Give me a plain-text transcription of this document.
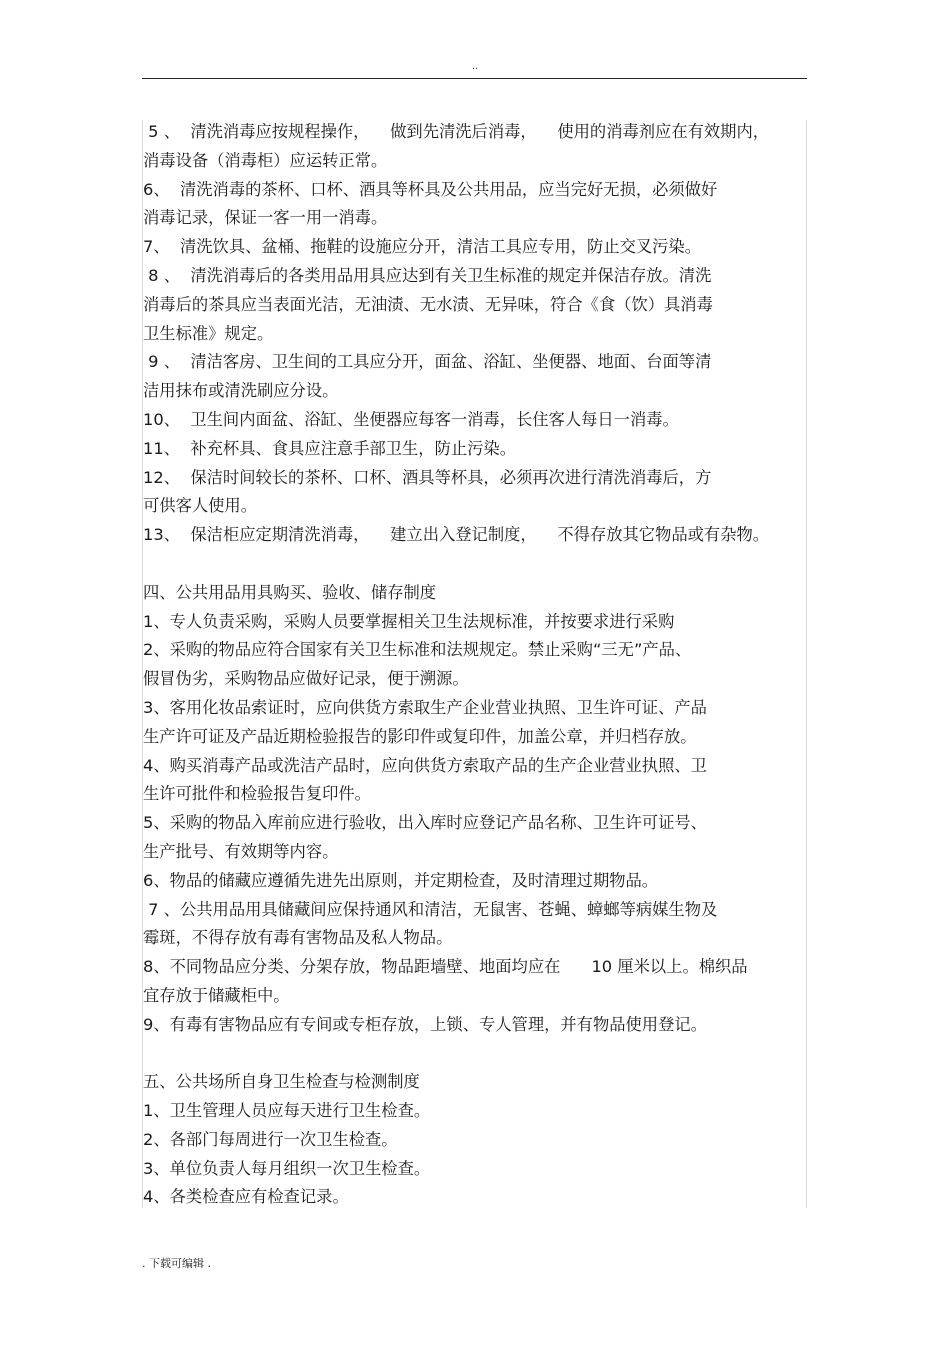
..
5 、  清洗消毒应按规程操作，    做到先清洗后消毒，    使用的消毒剂应在有效期内，
消毒设备（消毒柜）应运转正常。
6、  清洗消毒的茶杯、口杯、酒具等杯具及公共用品，应当完好无损，必须做好
消毒记录，保证一客一用一消毒。
7、  清洗饮具、盆桶、拖鞋的设施应分开，清洁工具应专用，防止交叉污染。
8 、  清洗消毒后的各类用品用具应达到有关卫生标准的规定并保洁存放。清洗
消毒后的茶具应当表面光洁，无油渍、无水渍、无异味，符合《食（饮）具消毒
卫生标准》规定。
9 、  清洁客房、卫生间的工具应分开，面盆、浴缸、坐便器、地面、台面等清
洁用抹布或清洗刷应分设。
10、  卫生间内面盆、浴缸、坐便器应每客一消毒，长住客人每日一消毒。
11、  补充杯具、食具应注意手部卫生，防止污染。
12、  保洁时间较长的茶杯、口杯、酒具等杯具，必须再次进行清洗消毒后，方
可供客人使用。
13、  保洁柜应定期清洗消毒，    建立出入登记制度，    不得存放其它物品或有杂物。
四、公共用品用具购买、验收、储存制度
1、专人负责采购，采购人员要掌握相关卫生法规标准，并按要求进行采购
2、采购的物品应符合国家有关卫生标准和法规规定。禁止采购“三无”产品、
假冒伪劣，采购物品应做好记录，便于溯源。
3、客用化妆品索证时，应向供货方索取生产企业营业执照、卫生许可证、产品
生产许可证及产品近期检验报告的影印件或复印件，加盖公章，并归档存放。
4、购买消毒产品或洗洁产品时，应向供货方索取产品的生产企业营业执照、卫
生许可批件和检验报告复印件。
5、采购的物品入库前应进行验收，出入库时应登记产品名称、卫生许可证号、
生产批号、有效期等内容。
6、物品的储藏应遵循先进先出原则，并定期检查，及时清理过期物品。
7 、公共用品用具储藏间应保持通风和清洁，无鼠害、苍蝇、蟑螂等病媒生物及
霉斑，不得存放有毒有害物品及私人物品。
8、不同物品应分类、分架存放，物品距墙壁、地面均应在      10 厘米以上。棉织品
宜存放于储藏柜中。
9、有毒有害物品应有专间或专柜存放，上锁、专人管理，并有物品使用登记。
五、公共场所自身卫生检查与检测制度
1、卫生管理人员应每天进行卫生检查。
2、各部门每周进行一次卫生检查。
3、单位负责人每月组织一次卫生检查。
4、各类检查应有检查记录。
. 下载可编辑 .
